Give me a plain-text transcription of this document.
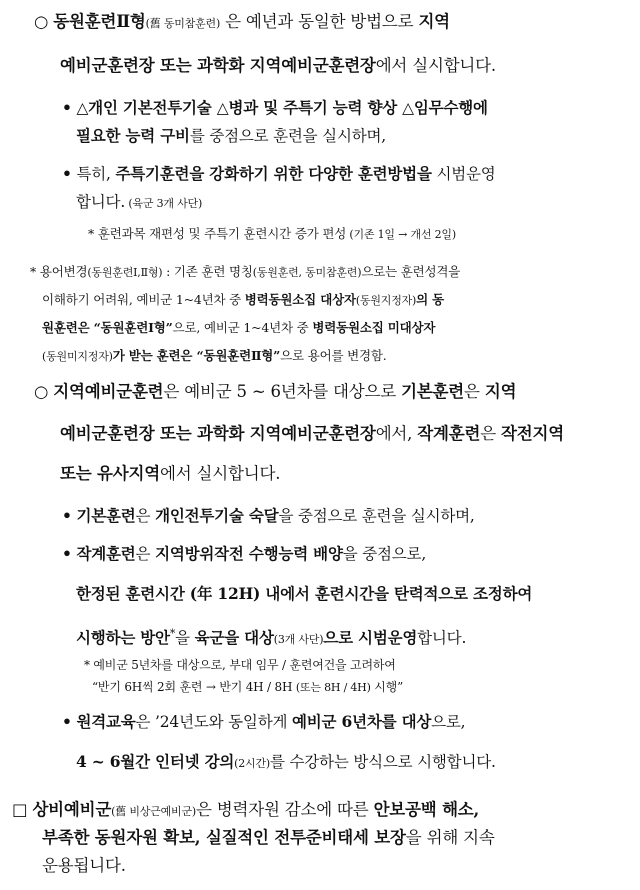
○ 동원훈련Ⅱ형(舊 동미참훈련) 은 예년과 동일한 방법으로 지역
예비군훈련장 또는 과학화 지역예비군훈련장에서 실시합니다.
• △개인 기본전투기술 △병과 및 주특기 능력 향상 △임무수행에
필요한 능력 구비를 중점으로 훈련을 실시하며,
• 특히, 주특기훈련을 강화하기 위한 다양한 훈련방법을 시범운영
합니다. (육군 3개 사단)
* 훈련과목 재편성 및 주특기 훈련시간 증가 편성 (기존 1일 → 개선 2일)
* 용어변경(동원훈련Ⅰ,Ⅱ형) : 기존 훈련 명칭(동원훈련, 동미참훈련)으로는 훈련성격을
이해하기 어려워, 예비군 1~4년차 중 병력동원소집 대상자(동원지정자)의 동
원훈련은 “동원훈련Ⅰ형”으로, 예비군 1~4년차 중 병력동원소집 미대상자
(동원미지정자)가 받는 훈련은 “동원훈련Ⅱ형”으로 용어를 변경함.
○ 지역예비군훈련은 예비군 5 ~ 6년차를 대상으로 기본훈련은 지역
예비군훈련장 또는 과학화 지역예비군훈련장에서, 작계훈련은 작전지역
또는 유사지역에서 실시합니다.
• 기본훈련은 개인전투기술 숙달을 중점으로 훈련을 실시하며,
• 작계훈련은 지역방위작전 수행능력 배양을 중점으로,
한정된 훈련시간 (年 12H) 내에서 훈련시간을 탄력적으로 조정하여
시행하는 방안*을 육군을 대상(3개 사단)으로 시범운영합니다.
* 예비군 5년차를 대상으로, 부대 임무 / 훈련여건을 고려하여
“반기 6H씩 2회 훈련 → 반기 4H / 8H (또는 8H / 4H) 시행”
• 원격교육은 ’24년도와 동일하게 예비군 6년차를 대상으로,
4 ~ 6월간 인터넷 강의(2시간)를 수강하는 방식으로 시행합니다.
□ 상비예비군(舊 비상근예비군)은 병력자원 감소에 따른 안보공백 해소,
부족한 동원자원 확보, 실질적인 전투준비태세 보장을 위해 지속
운용됩니다.
